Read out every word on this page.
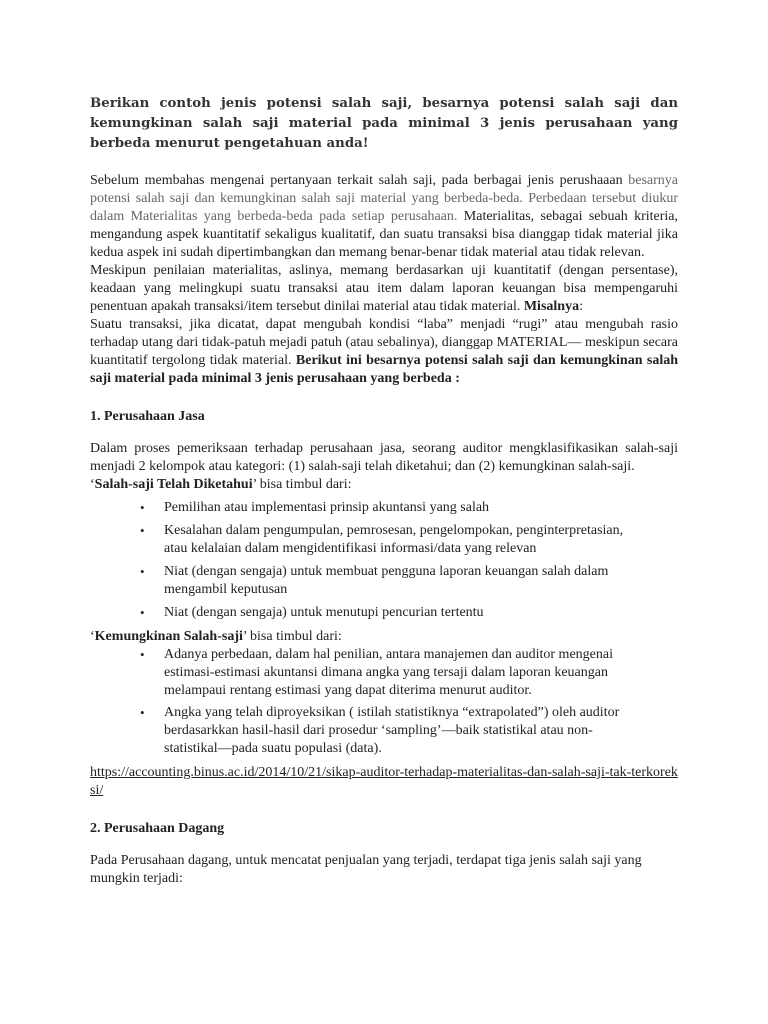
Berikan contoh jenis potensi salah saji, besarnya potensi salah saji dan kemungkinan salah saji material pada minimal 3 jenis perusahaan yang berbeda menurut pengetahuan anda!

Sebelum membahas mengenai pertanyaan terkait salah saji, pada berbagai jenis perushaaan besarnya potensi salah saji dan kemungkinan salah saji material yang berbeda-beda. Perbedaan tersebut diukur dalam Materialitas yang berbeda-beda pada setiap perusahaan. Materialitas, sebagai sebuah kriteria, mengandung aspek kuantitatif sekaligus kualitatif, dan suatu transaksi bisa dianggap tidak material jika kedua aspek ini sudah dipertimbangkan dan memang benar-benar tidak material atau tidak relevan.

Meskipun penilaian materialitas, aslinya, memang berdasarkan uji kuantitatif (dengan persentase), keadaan yang melingkupi suatu transaksi atau item dalam laporan keuangan bisa mempengaruhi penentuan apakah transaksi/item tersebut dinilai material atau tidak material. Misalnya:

Suatu transaksi, jika dicatat, dapat mengubah kondisi “laba” menjadi “rugi” atau mengubah rasio terhadap utang dari tidak-patuh mejadi patuh (atau sebalinya), dianggap MATERIAL— meskipun secara kuantitatif tergolong tidak material. Berikut ini besarnya potensi salah saji dan kemungkinan salah saji material pada minimal 3 jenis perusahaan yang berbeda :

1. Perusahaan Jasa

Dalam proses pemeriksaan terhadap perusahaan jasa, seorang auditor mengklasifikasikan salah-saji menjadi 2 kelompok atau kategori: (1) salah-saji telah diketahui; dan (2) kemungkinan salah-saji.

‘Salah-saji Telah Diketahui’ bisa timbul dari:

• Pemilihan atau implementasi prinsip akuntansi yang salah
• Kesalahan dalam pengumpulan, pemrosesan, pengelompokan, penginterpretasian, atau kelalaian dalam mengidentifikasi informasi/data yang relevan
• Niat (dengan sengaja) untuk membuat pengguna laporan keuangan salah dalam mengambil keputusan
• Niat (dengan sengaja) untuk menutupi pencurian tertentu

‘Kemungkinan Salah-saji’ bisa timbul dari:

• Adanya perbedaan, dalam hal penilian, antara manajemen dan auditor mengenai estimasi-estimasi akuntansi dimana angka yang tersaji dalam laporan keuangan melampaui rentang estimasi yang dapat diterima menurut auditor.
• Angka yang telah diproyeksikan ( istilah statistiknya “extrapolated”) oleh auditor berdasarkkan hasil-hasil dari prosedur ‘sampling’—baik statistikal atau non-statistikal—pada suatu populasi (data).
https://accounting.binus.ac.id/2014/10/21/sikap-auditor-terhadap-materialitas-dan-salah-saji-tak-terkoreksi/
2. Perusahaan Dagang

Pada Perusahaan dagang, untuk mencatat penjualan yang terjadi, terdapat tiga jenis salah saji yang mungkin terjadi:
